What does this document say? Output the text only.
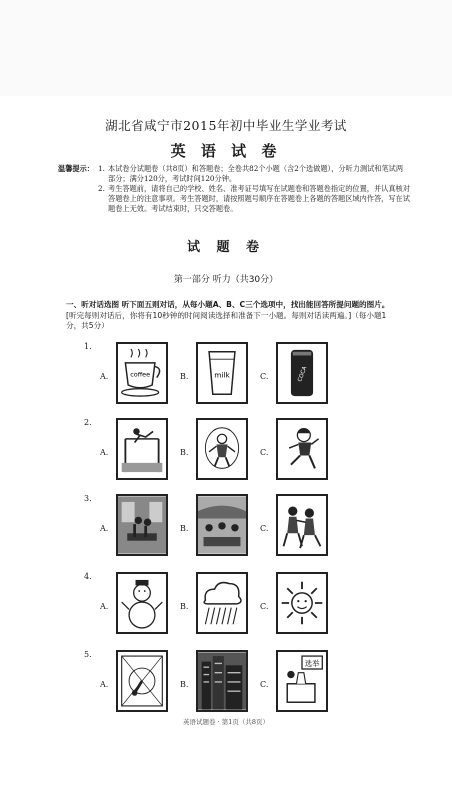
湖北省咸宁市2015年初中毕业生学业考试
英 语 试 卷
温馨提示： 1. 本试卷分试题卷（共8页）和答题卷；全卷共82个小题（含2个选做题），分听力测试和笔试两部分；满分120分，考试时间120分钟。
2. 考生答题前，请将自己的学校、姓名、准考证号填写在试题卷和答题卷指定的位置，并认真核对答题卷上的注意事项。考生答题时，请按照题号顺序在答题卷上各题的答题区域内作答，写在试题卷上无效。考试结束时，只交答题卷。
试 题 卷
第一部分 听力（共30分）
一、听对话选图 听下面五则对话，从每小题A、B、C三个选项中，找出能回答所提问题的图片。 [听完每则对话后，你将有10秒钟的时间阅读选择和准备下一小题。每则对话读两遍。]（每小题1分，共5分）
1.
A.	coffee	B.	milk	C.	COCA
2.
A.	B.	C.
3.
A.	B.	C.
4.
A.	B.	C.
5.
A.	B.	C.
选举
英语试题卷 · 第1页（共8页）
